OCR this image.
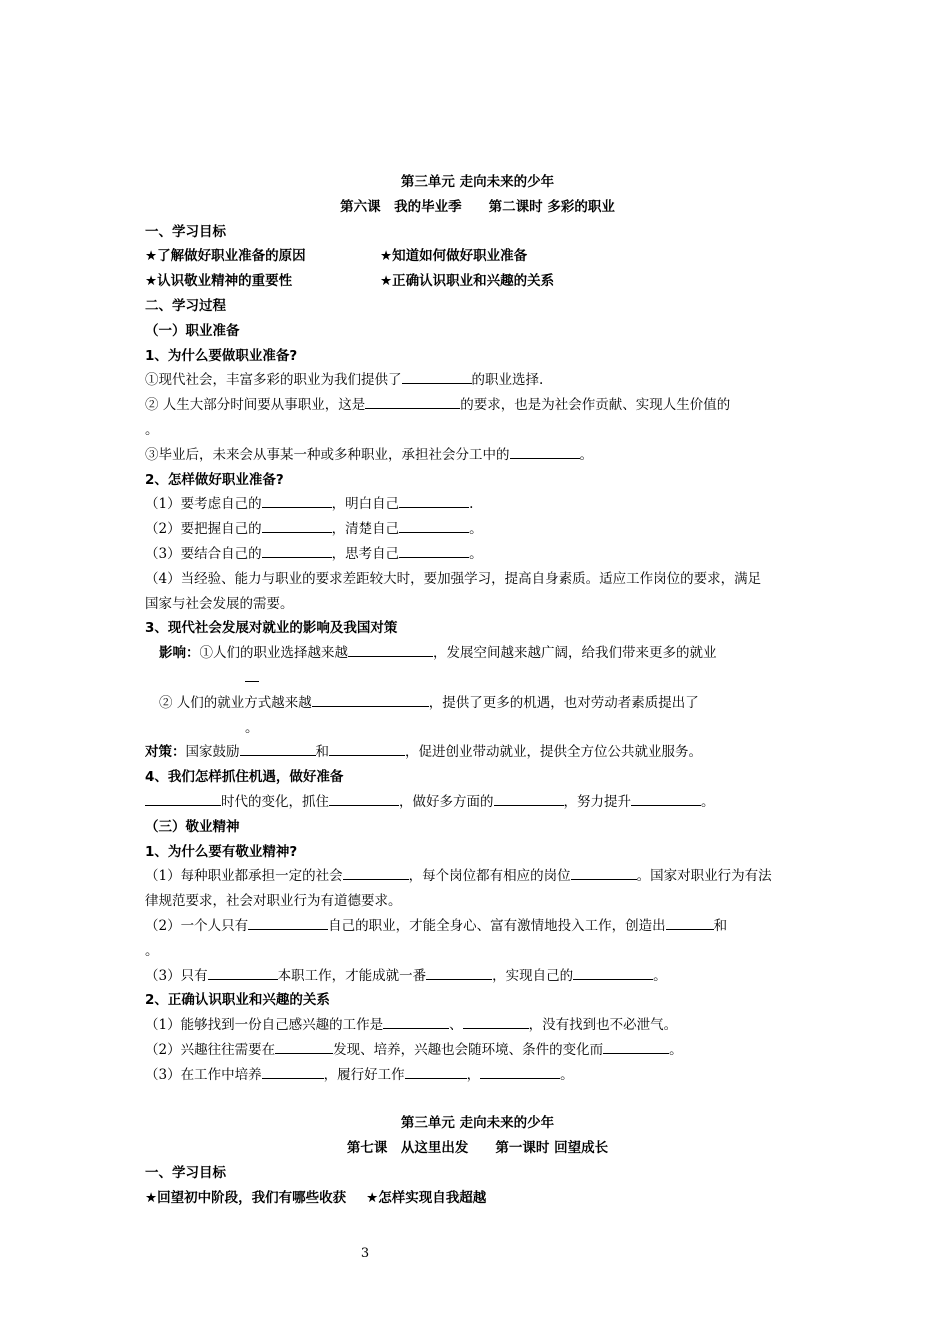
第三单元 走向未来的少年
第六课　我的毕业季　　第二课时 多彩的职业
一、学习目标
★了解做好职业准备的原因	★知道如何做好职业准备
★认识敬业精神的重要性	★正确认识职业和兴趣的关系
二、学习过程
（一）职业准备
1、为什么要做职业准备?
①现代社会，丰富多彩的职业为我们提供了	的职业选择.
② 人生大部分时间要从事职业，这是	的要求，也是为社会作贡献、实现人生价值的
。
③毕业后，未来会从事某一种或多种职业，承担社会分工中的	。
2、怎样做好职业准备?
（1）要考虑自己的	，明白自己	.
（2）要把握自己的	，清楚自己	。
（3）要结合自己的	，思考自己	。
（4）当经验、能力与职业的要求差距较大时，要加强学习，提高自身素质。适应工作岗位的要求，满足
国家与社会发展的需要。
3、现代社会发展对就业的影响及我国对策
影响：①人们的职业选择越来越	，发展空间越来越广阔，给我们带来更多的就业
② 人们的就业方式越来越	，提供了更多的机遇，也对劳动者素质提出了
。
对策：国家鼓励	和	，促进创业带动就业，提供全方位公共就业服务。
4、我们怎样抓住机遇，做好准备
时代的变化，抓住	，做好多方面的	，努力提升	。
（三）敬业精神
1、为什么要有敬业精神?
（1）每种职业都承担一定的社会	，每个岗位都有相应的岗位	。国家对职业行为有法
律规范要求，社会对职业行为有道德要求。
（2）一个人只有	自己的职业，才能全身心、富有激情地投入工作，创造出	和
。
（3）只有	本职工作，才能成就一番	，实现自己的	。
2、正确认识职业和兴趣的关系
（1）能够找到一份自己感兴趣的工作是	、	，没有找到也不必泄气。
（2）兴趣往往需要在	发现、培养，兴趣也会随环境、条件的变化而	。
（3）在工作中培养	，履行好工作	，	。
第三单元 走向未来的少年
第七课　从这里出发　　第一课时 回望成长
一、学习目标
★回望初中阶段，我们有哪些收获 ★怎样实现自我超越
3
